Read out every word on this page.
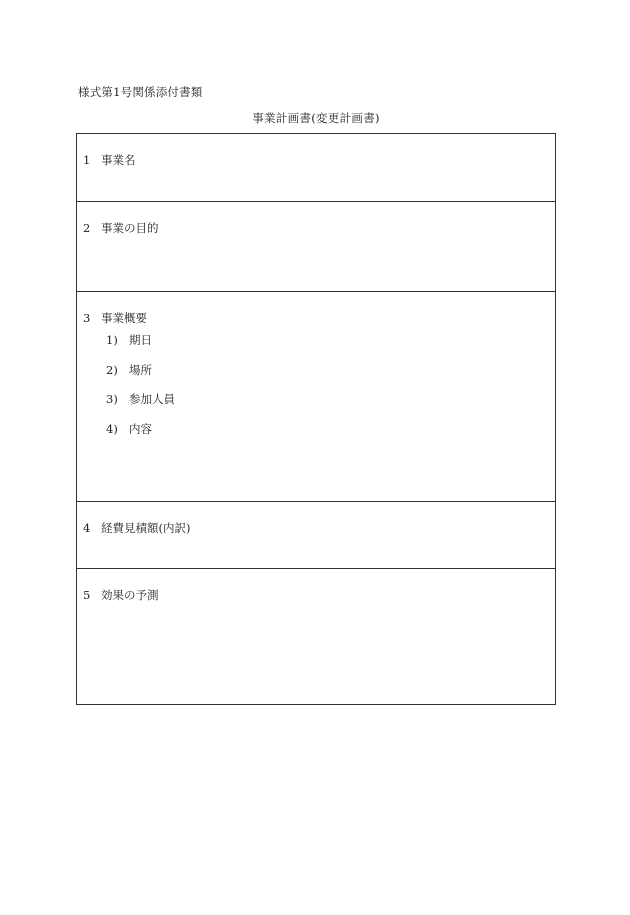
様式第1号関係添付書類
事業計画書(変更計画書)
1 事業名
2 事業の目的
3 事業概要
1) 期日
2) 場所
3) 参加人員
4) 内容
4 経費見積額(内訳)
5 効果の予測
